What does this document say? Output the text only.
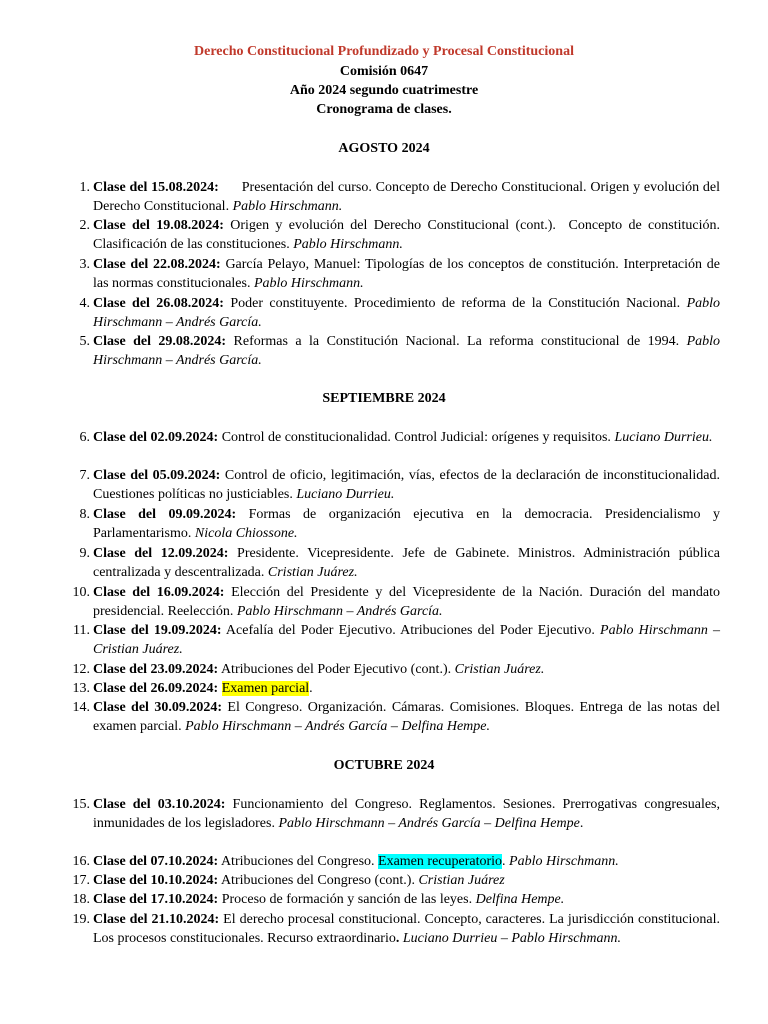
Derecho Constitucional Profundizado y Procesal Constitucional
Comisión 0647
Año 2024 segundo cuatrimestre
Cronograma de clases.
AGOSTO 2024
SEPTIEMBRE 2024
OCTUBRE 2024
1. Clase del 15.08.2024:      Presentación del curso. Concepto de Derecho Constitucional. Origen y evolución del Derecho Constitucional. Pablo Hirschmann.
2. Clase del 19.08.2024: Origen y evolución del Derecho Constitucional (cont.).  Concepto de constitución. Clasificación de las constituciones. Pablo Hirschmann.
3. Clase del 22.08.2024: García Pelayo, Manuel: Tipologías de los conceptos de constitución. Interpretación de las normas constitucionales. Pablo Hirschmann.
4. Clase del 26.08.2024: Poder constituyente. Procedimiento de reforma de la Constitución Nacional. Pablo Hirschmann – Andrés García.
5. Clase del 29.08.2024: Reformas a la Constitución Nacional. La reforma constitucional de 1994. Pablo Hirschmann – Andrés García.
6. Clase del 02.09.2024: Control de constitucionalidad. Control Judicial: orígenes y requisitos. Luciano Durrieu.
7. Clase del 05.09.2024: Control de oficio, legitimación, vías, efectos de la declaración de inconstitucionalidad. Cuestiones políticas no justiciables. Luciano Durrieu.
8. Clase del 09.09.2024: Formas de organización ejecutiva en la democracia. Presidencialismo y Parlamentarismo. Nicola Chiossone.
9. Clase del 12.09.2024: Presidente. Vicepresidente. Jefe de Gabinete. Ministros. Administración pública centralizada y descentralizada. Cristian Juárez.
10. Clase del 16.09.2024: Elección del Presidente y del Vicepresidente de la Nación. Duración del mandato presidencial. Reelección. Pablo Hirschmann – Andrés García.
11. Clase del 19.09.2024: Acefalía del Poder Ejecutivo. Atribuciones del Poder Ejecutivo. Pablo Hirschmann – Cristian Juárez.
12. Clase del 23.09.2024: Atribuciones del Poder Ejecutivo (cont.). Cristian Juárez.
13. Clase del 26.09.2024: Examen parcial.
14. Clase del 30.09.2024: El Congreso. Organización. Cámaras. Comisiones. Bloques. Entrega de las notas del examen parcial. Pablo Hirschmann – Andrés García – Delfina Hempe.
15. Clase del 03.10.2024: Funcionamiento del Congreso. Reglamentos. Sesiones. Prerrogativas congresuales, inmunidades de los legisladores. Pablo Hirschmann – Andrés García – Delfina Hempe.
16. Clase del 07.10.2024: Atribuciones del Congreso. Examen recuperatorio. Pablo Hirschmann.
17. Clase del 10.10.2024: Atribuciones del Congreso (cont.). Cristian Juárez
18. Clase del 17.10.2024: Proceso de formación y sanción de las leyes. Delfina Hempe.
19. Clase del 21.10.2024: El derecho procesal constitucional. Concepto, caracteres. La jurisdicción constitucional. Los procesos constitucionales. Recurso extraordinario. Luciano Durrieu – Pablo Hirschmann.
